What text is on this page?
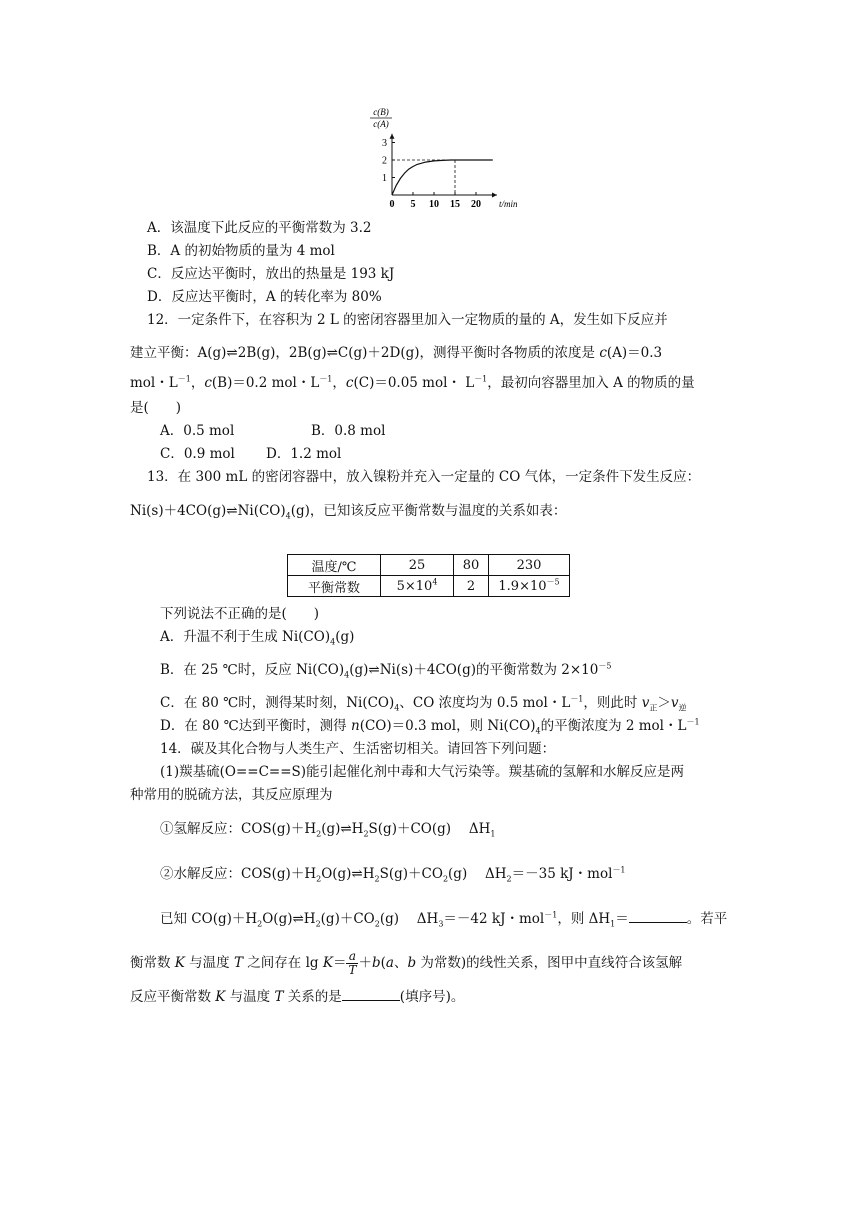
c(B)
c(A)
1
2
3
0 5 10 15 20 t/min
A．该温度下此反应的平衡常数为 3.2
B．A 的初始物质的量为 4 mol
C．反应达平衡时，放出的热量是 193 kJ
D．反应达平衡时，A 的转化率为 80%
12．一定条件下，在容积为 2 L 的密闭容器里加入一定物质的量的 A，发生如下反应并
建立平衡：A(g)⇌2B(g)，2B(g)⇌C(g)＋2D(g)，测得平衡时各物质的浓度是 c(A)＝0.3
mol・$L^{-1}$，c(B)＝0.2 mol・$L^{-1}$，c(C)＝0.05 mol・ $L^{-1}$，最初向容器里加入 A 的物质的量
是(　　)
A．0.5 mol	B．0.8 mol
C．0.9 mol D．1.2 mol
13．在 300 mL 的密闭容器中，放入镍粉并充入一定量的 CO 气体，一定条件下发生反应：
$Ni(s)+4CO(g)\rightleftharpoons Ni(CO)_4(g)$，已知该反应平衡常数与温度的关系如表：
温度/℃	25	80	230
平衡常数	$5\times 10^4$	2	$1.9\times 10^{-5}$
下列说法不正确的是(　　)
A．升温不利于生成 $Ni(CO)_4(g)$
B．在 25 ℃时，反应 $Ni(CO)_4(g)\rightleftharpoons Ni(s)+4CO(g)$的平衡常数为 $2\times 10^{-5}$
C．在 80 ℃时，测得某时刻，$Ni(CO)_4$、CO 浓度均为 0.5 mol・$L^{-1}$，则此时 $v_正>v_逆$
D．在 80 ℃达到平衡时，测得 n(CO)＝0.3 mol，则 $Ni(CO)_4$的平衡浓度为 2 mol・$L^{-1}$
14．碳及其化合物与人类生产、生活密切相关。请回答下列问题：
(1)羰基硫(O==C==S)能引起催化剂中毒和大气污染等。羰基硫的氢解和水解反应是两
种常用的脱硫方法，其反应原理为
①氢解反应：$COS(g)+H_2(g)\rightleftharpoons H_2S(g)+CO(g)$　 $\Delta H_1$
②水解反应：$COS(g)+H_2O(g)\rightleftharpoons H_2S(g)+CO_2(g)$　 $\Delta H_2=-35$ kJ・mol$^{-1}$
已知 $CO(g)+H_2O(g)\rightleftharpoons H_2(g)+CO_2(g)$　 $\Delta H_3=-42$ kJ・mol$^{-1}$，则 $\Delta H_1=$	。若平
衡常数 K 与温度 T 之间存在 $\lg K= \frac{a}{T} +b(a$、b 为常数)的线性关系，图甲中直线符合该氢解
反应平衡常数 K 与温度 T 关系的是	(填序号)。
